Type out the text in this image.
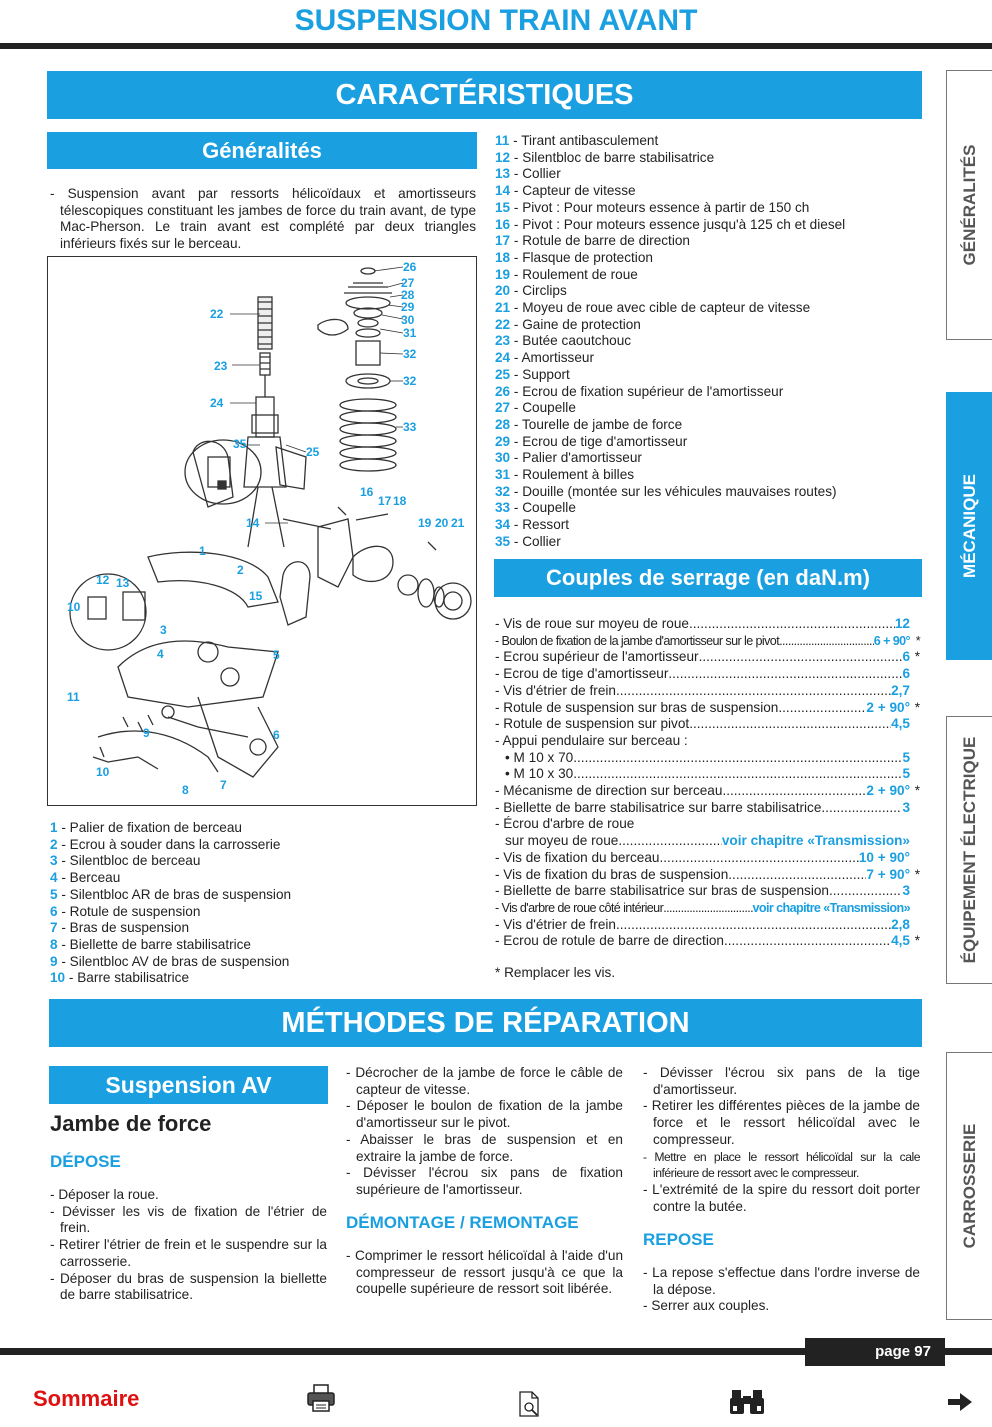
SUSPENSION TRAIN AVANT
GÉNÉRALITÉS
MÉCANIQUE
ÉQUIPEMENT ÉLECTRIQUE
CARROSSERIE
CARACTÉRISTIQUES
Généralités
- Suspension avant par ressorts hélicoïdaux et amortisseurs télescopiques constituant les jambes de force du train avant, de type Mac-Pherson. Le train avant est complété par deux triangles inférieurs fixés sur le berceau.
22
23
24
35
25
26
27
28
29
30
31
32
32
33
16
17 18
19 20 21
14
1
2
12 13
10
15
3
4	5
11
9	6
10
8	7
1 - Palier de fixation de berceau
2 - Ecrou à souder dans la carrosserie
3 - Silentbloc de berceau
4 - Berceau
5 - Silentbloc AR de bras de suspension
6 - Rotule de suspension
7 - Bras de suspension
8 - Biellette de barre stabilisatrice
9 - Silentbloc AV de bras de suspension
10 - Barre stabilisatrice
11 - Tirant antibasculement
12 - Silentbloc de barre stabilisatrice
13 - Collier
14 - Capteur de vitesse
15 - Pivot : Pour moteurs essence à partir de 150 ch
16 - Pivot : Pour moteurs essence jusqu'à 125 ch et diesel
17 - Rotule de barre de direction
18 - Flasque de protection
19 - Roulement de roue
20 - Circlips
21 - Moyeu de roue avec cible de capteur de vitesse
22 - Gaine de protection
23 - Butée caoutchouc
24 - Amortisseur
25 - Support
26 - Ecrou de fixation supérieur de l'amortisseur
27 - Coupelle
28 - Tourelle de jambe de force
29 - Ecrou de tige d'amortisseur
30 - Palier d'amortisseur
31 - Roulement à billes
32 - Douille (montée sur les véhicules mauvaises routes)
33 - Coupelle
34 - Ressort
35 - Collier
Couples de serrage (en daN.m)
- Vis de roue sur moyeu de roue .....	12
- Boulon de fixation de la jambe d'amortisseur sur le pivot .....	6 + 90° *
- Ecrou supérieur de l'amortisseur .....	6 *
- Ecrou de tige d'amortisseur .....	6
- Vis d'étrier de frein .....	2,7
- Rotule de suspension sur bras de suspension .....	2 + 90° *
- Rotule de suspension sur pivot .....	4,5
- Appui pendulaire sur berceau :
• M 10 x 70 .....	5
• M 10 x 30 .....	5
- Mécanisme de direction sur berceau .....	2 + 90° *
- Biellette de barre stabilisatrice sur barre stabilisatrice .....	3
- Écrou d'arbre de roue
sur moyeu de roue .....	voir chapitre «Transmission»
- Vis de fixation du berceau .....	10 + 90°
- Vis de fixation du bras de suspension .....	7 + 90° *
- Biellette de barre stabilisatrice sur bras de suspension .....	3
- Vis d'arbre de roue côté intérieur .....	voir chapitre «Transmission»
- Vis d'étrier de frein .....	2,8
- Ecrou de rotule de barre de direction .....	4,5 *
* Remplacer les vis.
MÉTHODES DE RÉPARATION
Suspension AV
Jambe de force
DÉPOSE
- Déposer la roue.
- Dévisser les vis de fixation de l'étrier de frein.
- Retirer l'étrier de frein et le suspendre sur la carrosserie.
- Déposer du bras de suspension la biellette de barre stabilisatrice.
- Décrocher de la jambe de force le câble de capteur de vitesse.
- Déposer le boulon de fixation de la jambe d'amortisseur sur le pivot.
- Abaisser le bras de suspension et en extraire la jambe de force.
- Dévisser l'écrou six pans de fixation supérieure de l'amortisseur.
DÉMONTAGE / REMONTAGE
- Comprimer le ressort hélicoïdal à l'aide d'un compresseur de ressort jusqu'à ce que la coupelle supérieure de ressort soit libérée.
- Dévisser l'écrou six pans de la tige d'amortisseur.
- Retirer les différentes pièces de la jambe de force et le ressort hélicoïdal avec le compresseur.
- Mettre en place le ressort hélicoïdal sur la cale inférieure de ressort avec le compresseur.
- L'extrémité de la spire du ressort doit porter contre la butée.
REPOSE
- La repose s'effectue dans l'ordre inverse de la dépose.
- Serrer aux couples.
page 97
Sommaire
